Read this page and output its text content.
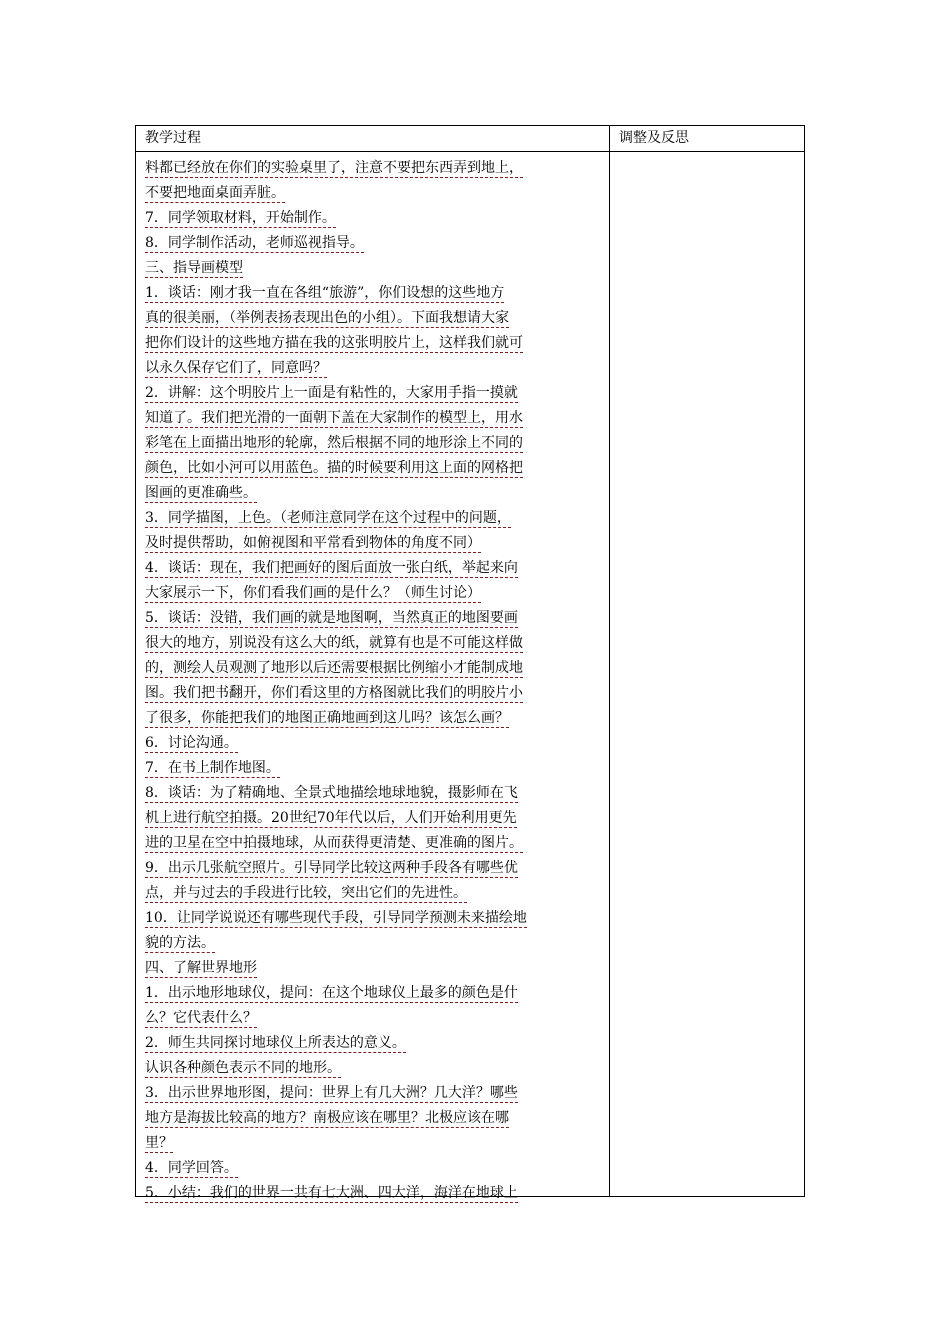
教学过程	调整及反思
料都已经放在你们的实验桌里了，注意不要把东西弄到地上，
不要把地面桌面弄脏。
7．同学领取材料，开始制作。
8．同学制作活动，老师巡视指导。
三、指导画模型
1．谈话：刚才我一直在各组“旅游”，你们设想的这些地方
真的很美丽，（举例表扬表现出色的小组）。下面我想请大家
把你们设计的这些地方描在我的这张明胶片上，这样我们就可
以永久保存它们了，同意吗？
2．讲解：这个明胶片上一面是有粘性的，大家用手指一摸就
知道了。我们把光滑的一面朝下盖在大家制作的模型上，用水
彩笔在上面描出地形的轮廓，然后根据不同的地形涂上不同的
颜色，比如小河可以用蓝色。描的时候要利用这上面的网格把
图画的更准确些。
3．同学描图，上色。（老师注意同学在这个过程中的问题，
及时提供帮助，如俯视图和平常看到物体的角度不同）
4．谈话：现在，我们把画好的图后面放一张白纸，举起来向
大家展示一下，你们看我们画的是什么？（师生讨论）
5．谈话：没错，我们画的就是地图啊，当然真正的地图要画
很大的地方，别说没有这么大的纸，就算有也是不可能这样做
的，测绘人员观测了地形以后还需要根据比例缩小才能制成地
图。我们把书翻开，你们看这里的方格图就比我们的明胶片小
了很多，你能把我们的地图正确地画到这儿吗？该怎么画？
6．讨论沟通。
7．在书上制作地图。
8．谈话：为了精确地、全景式地描绘地球地貌，摄影师在飞
机上进行航空拍摄。20世纪70年代以后，人们开始利用更先
进的卫星在空中拍摄地球，从而获得更清楚、更准确的图片。
9．出示几张航空照片。引导同学比较这两种手段各有哪些优
点，并与过去的手段进行比较，突出它们的先进性。
10．让同学说说还有哪些现代手段，引导同学预测未来描绘地
貌的方法。
四、了解世界地形
1．出示地形地球仪，提问：在这个地球仪上最多的颜色是什
么？它代表什么？
2．师生共同探讨地球仪上所表达的意义。
认识各种颜色表示不同的地形。
3．出示世界地形图，提问：世界上有几大洲？几大洋？哪些
地方是海拔比较高的地方？南极应该在哪里？北极应该在哪
里？
4．同学回答。
5．小结：我们的世界一共有七大洲、四大洋，海洋在地球上
